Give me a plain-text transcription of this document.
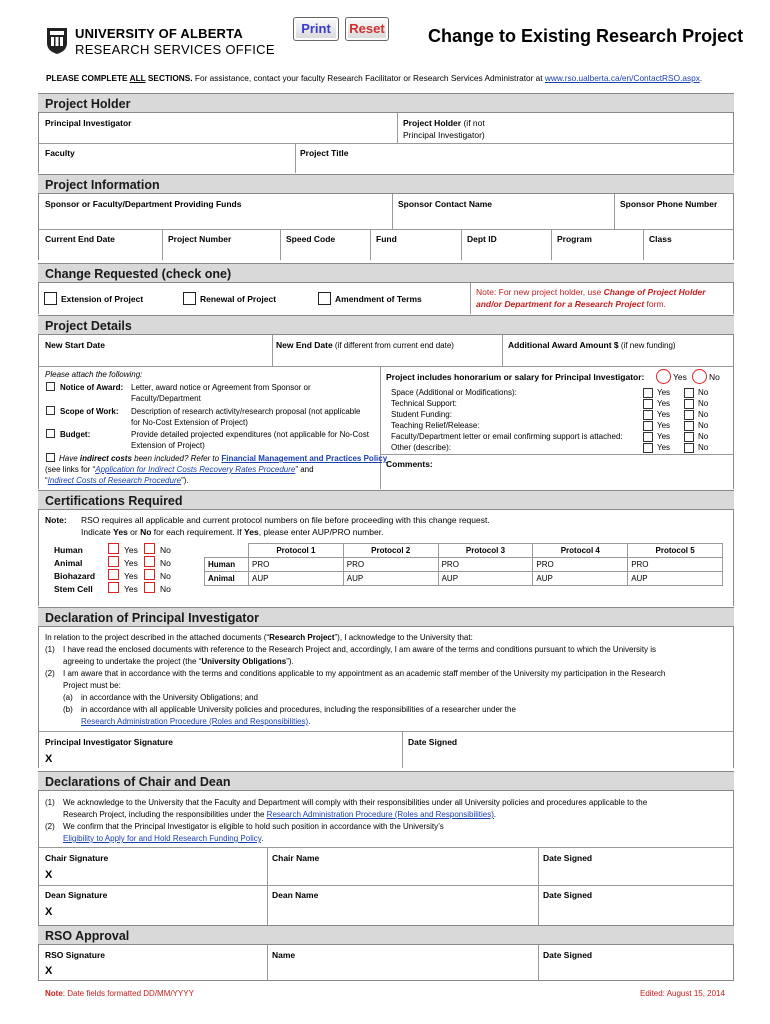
UNIVERSITY OF ALBERTA
RESEARCH SERVICES OFFICE
Print	Reset Change to Existing Research Project
PLEASE COMPLETE ALL SECTIONS. For assistance, contact your faculty Research Facilitator or Research Services Administrator at www.rso.ualberta.ca/en/ContactRSO.aspx.
Project Holder
Principal Investigator	Project Holder (if not
Principal Investigator)
Faculty	Project Title
Project Information
Sponsor or Faculty/Department Providing Funds	Sponsor Contact Name	Sponsor Phone Number
Current End Date	Project Number	Speed Code	Fund	Dept ID	Program	Class
Change Requested (check one)
Extension of Project	Renewal of Project	Amendment of Terms
Note: For new project holder, use Change of Project Holder
and/or Department for a Research Project form.
Project Details
New Start Date	New End Date (if different from current end date)	Additional Award Amount $ (if new funding)
Please attach the following:
Notice of Award: Letter, award notice or Agreement from Sponsor or
Faculty/Department
Scope of Work: Description of research activity/research proposal (not applicable
for No-Cost Extension of Project)
Budget:	Provide detailed projected expenditures (not applicable for No-Cost
Extension of Project)
Have indirect costs been included? Refer to Financial Management and Practices Policy
(see links for “Application for Indirect Costs Recovery Rates Procedure” and
“Indirect Costs of Research Procedure”).
Project includes honorarium or salary for Principal Investigator:	Yes	No
Space (Additional or Modifications):	Yes	No
Technical Support:	Yes	No
Student Funding:	Yes	No
Teaching Relief/Release:	Yes	No
Faculty/Department letter or email confirming support is attached:	Yes	No
Other (describe):	Yes	No
Comments:
Certifications Required
Note: RSO requires all applicable and current protocol numbers on file before proceeding with this change request.
Indicate Yes or No for each requirement. If Yes, please enter AUP/PRO number.
Human	Yes	No
Animal	Yes	No
Biohazard	Yes	No
Stem Cell	Yes	No
	Protocol 1	Protocol 2	Protocol 3	Protocol 4	Protocol 5
Human	PRO	PRO	PRO	PRO	PRO
Animal	AUP	AUP	AUP	AUP	AUP
Declaration of Principal Investigator
In relation to the project described in the attached documents (“Research Project”), I acknowledge to the University that:
(1) I have read the enclosed documents with reference to the Research Project and, accordingly, I am aware of the terms and conditions pursuant to which the University is
agreeing to undertake the project (the “University Obligations”).
(2) I am aware that in accordance with the terms and conditions applicable to my appointment as an academic staff member of the University my participation in the Research
Project must be:
(a) in accordance with the University Obligations; and
(b) in accordance with all applicable University policies and procedures, including the responsibilities of a researcher under the
Research Administration Procedure (Roles and Responsibilities).
Principal Investigator Signature	Date Signed
X
Declarations of Chair and Dean
(1) We acknowledge to the University that the Faculty and Department will comply with their responsibilities under all University policies and procedures applicable to the
Research Project, including the responsibilities under the Research Administration Procedure (Roles and Responsibilities).
(2) We confirm that the Principal Investigator is eligible to hold such position in accordance with the University’s
Eligibility to Apply for and Hold Research Funding Policy.
Chair Signature	Chair Name	Date Signed
X
Dean Signature	Dean Name	Date Signed
X
RSO Approval
RSO Signature	Name	Date Signed
X
Note: Date fields formatted DD/MM/YYYY	Edited: August 15, 2014
